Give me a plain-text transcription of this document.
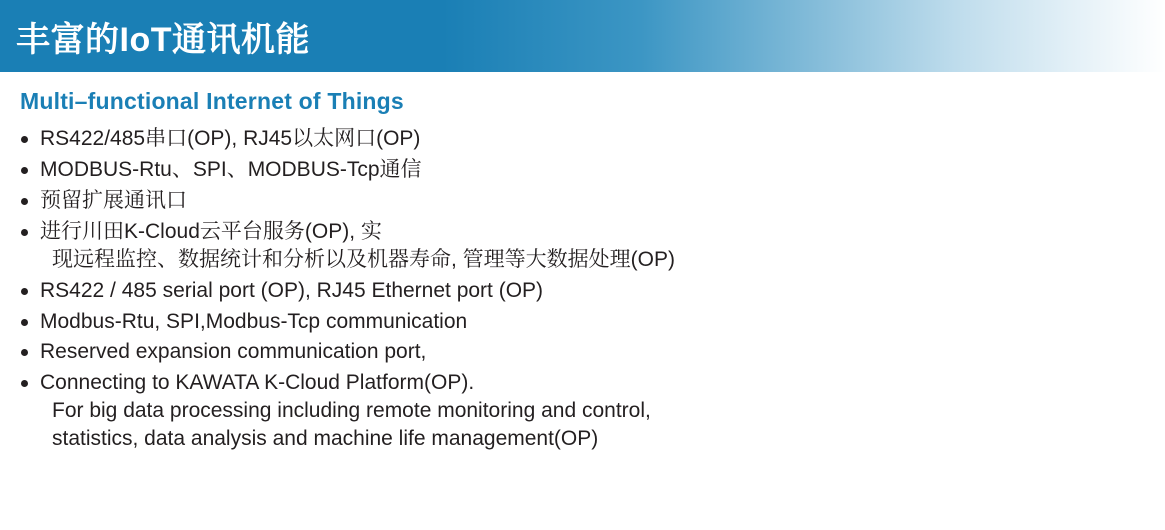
丰富的IoT通讯机能
Multi–functional Internet of Things
RS422/485串口(OP), RJ45以太网口(OP)
MODBUS-Rtu、SPI、MODBUS-Tcp通信
预留扩展通讯口
进行川田K-Cloud云平台服务(OP), 实
现远程监控、数据统计和分析以及机器寿命, 管理等大数据处理(OP)
RS422 / 485 serial port (OP), RJ45 Ethernet port (OP)
Modbus-Rtu, SPI,Modbus-Tcp communication
Reserved expansion communication port,
Connecting to KAWATA K-Cloud Platform(OP).
For big data processing including remote monitoring and control,
statistics, data analysis and machine life management(OP)
